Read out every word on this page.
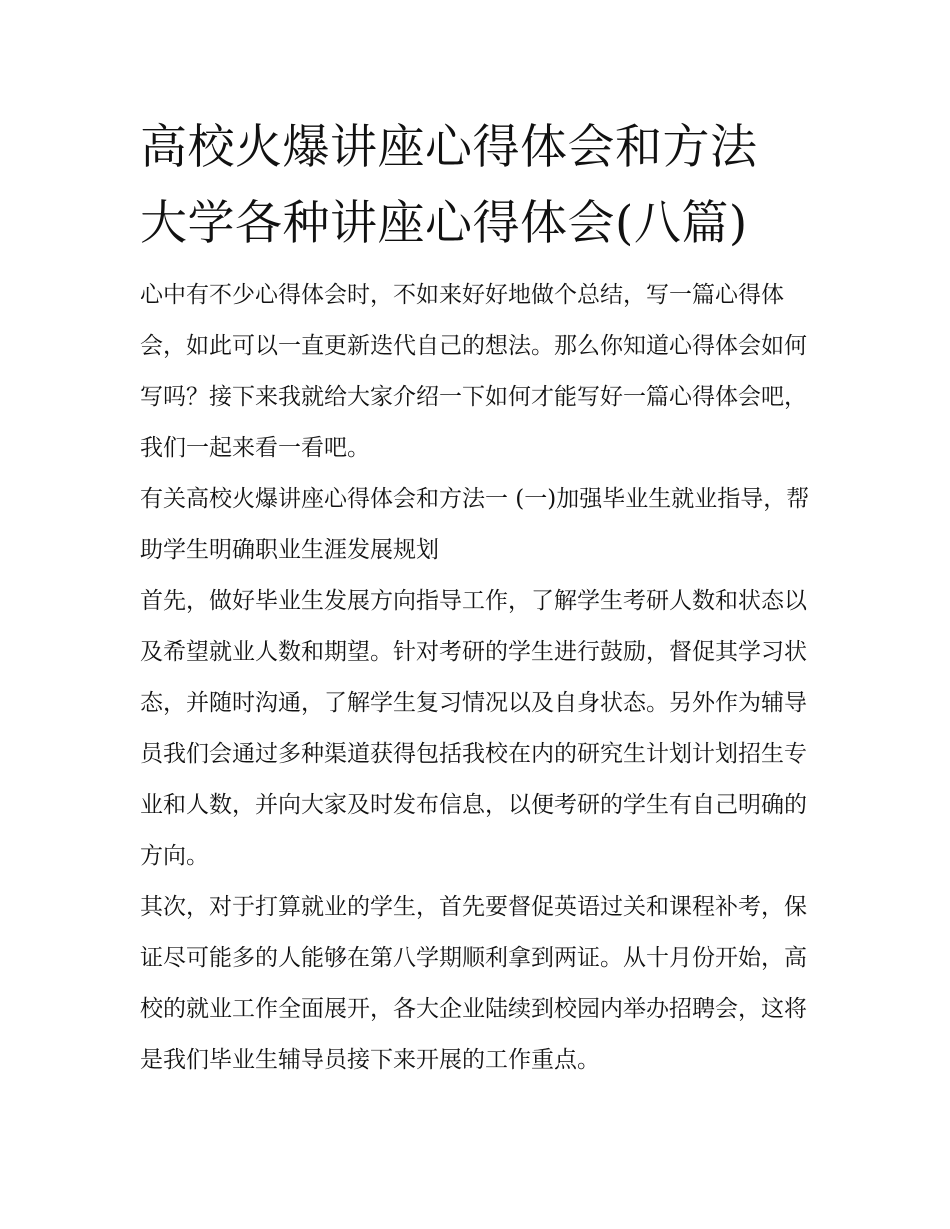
高校火爆讲座心得体会和方法
大学各种讲座心得体会(八篇)

心中有不少心得体会时，不如来好好地做个总结，写一篇心得体会，如此可以一直更新迭代自己的想法。那么你知道心得体会如何写吗？接下来我就给大家介绍一下如何才能写好一篇心得体会吧，我们一起来看一看吧。

有关高校火爆讲座心得体会和方法一 (一)加强毕业生就业指导，帮助学生明确职业生涯发展规划

首先，做好毕业生发展方向指导工作，了解学生考研人数和状态以及希望就业人数和期望。针对考研的学生进行鼓励，督促其学习状态，并随时沟通，了解学生复习情况以及自身状态。另外作为辅导员我们会通过多种渠道获得包括我校在内的研究生计划计划招生专业和人数，并向大家及时发布信息，以便考研的学生有自己明确的方向。

其次，对于打算就业的学生，首先要督促英语过关和课程补考，保证尽可能多的人能够在第八学期顺利拿到两证。从十月份开始，高校的就业工作全面展开，各大企业陆续到校园内举办招聘会，这将是我们毕业生辅导员接下来开展的工作重点。
